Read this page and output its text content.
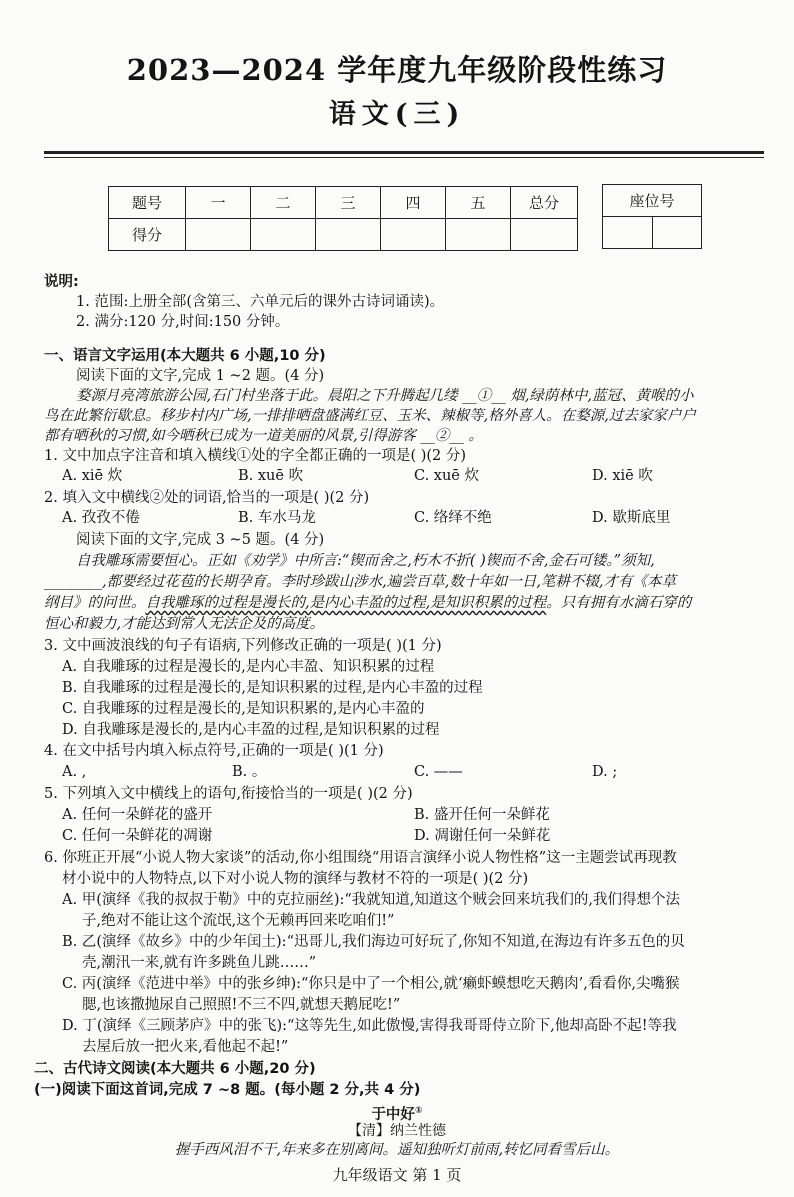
2023—2024 学年度九年级阶段性练习
语文(三)
题号	一	二	三	四	五	总分
得分						
座位号

说明:
1. 范围:上册全部(含第三、六单元后的课外古诗词诵读)。
2. 满分:120 分,时间:150 分钟。
一、语言文字运用(本大题共 6 小题,10 分)
阅读下面的文字,完成 1 ~2 题。(4 分)
婺源月亮湾旅游公园,石门村坐落于此。晨阳之下升腾起几缕 __①__ 烟,绿荫林中,蓝冠、黄喉的小
鸟在此繁衍歇息。移步村内广场,一排排晒盘盛满红豆、玉米、辣椒等,格外喜人。在婺源,过去家家户户
都有晒秋的习惯,如今晒秋已成为一道美丽的风景,引得游客 __②__ 。
1. 文中加点字注音和填入横线①处的字全都正确的一项是( )(2 分)
A. xiē 炊	B. xuē 吹	C. xuē 炊	D. xiē 吹
2. 填入文中横线②处的词语,恰当的一项是( )(2 分)
A. 孜孜不倦	B. 车水马龙	C. 络绎不绝	D. 歇斯底里
阅读下面的文字,完成 3 ~5 题。(4 分)
自我雕琢需要恒心。正如《劝学》中所言:“锲而舍之,朽木不折( )锲而不舍,金石可镂。”须知,
________,都要经过花苞的长期孕育。李时珍跋山涉水,遍尝百草,数十年如一日,笔耕不辍,才有《本草
纲目》的问世。自我雕琢的过程是漫长的,是内心丰盈的过程,是知识积累的过程。只有拥有水滴石穿的
恒心和毅力,才能达到常人无法企及的高度。
3. 文中画波浪线的句子有语病,下列修改正确的一项是( )(1 分)
A. 自我雕琢的过程是漫长的,是内心丰盈、知识积累的过程
B. 自我雕琢的过程是漫长的,是知识积累的过程,是内心丰盈的过程
C. 自我雕琢的过程是漫长的,是知识积累的,是内心丰盈的
D. 自我雕琢是漫长的,是内心丰盈的过程,是知识积累的过程
4. 在文中括号内填入标点符号,正确的一项是( )(1 分)
A. ,	B. 。	C. ——	D. ;
5. 下列填入文中横线上的语句,衔接恰当的一项是( )(2 分)
A. 任何一朵鲜花的盛开	B. 盛开任何一朵鲜花
C. 任何一朵鲜花的凋谢	D. 凋谢任何一朵鲜花
6. 你班正开展“小说人物大家谈”的活动,你小组围绕“用语言演绎小说人物性格”这一主题尝试再现教
材小说中的人物特点,以下对小说人物的演绎与教材不符的一项是( )(2 分)
A. 甲(演绎《我的叔叔于勒》中的克拉丽丝):“我就知道,知道这个贼会回来坑我们的,我们得想个法
子,绝对不能让这个流氓,这个无赖再回来吃咱们!”
B. 乙(演绎《故乡》中的少年闰土):“迅哥儿,我们海边可好玩了,你知不知道,在海边有许多五色的贝
壳,潮汛一来,就有许多跳鱼儿跳……”
C. 丙(演绎《范进中举》中的张乡绅):“你只是中了一个相公,就‘癞虾蟆想吃天鹅肉’,看看你,尖嘴猴
腮,也该撒抛尿自己照照!不三不四,就想天鹅屁吃!”
D. 丁(演绎《三顾茅庐》中的张飞):“这等先生,如此傲慢,害得我哥哥侍立阶下,他却高卧不起!等我
去屋后放一把火来,看他起不起!”
二、古代诗文阅读(本大题共 6 小题,20 分)
(一)阅读下面这首词,完成 7 ~8 题。(每小题 2 分,共 4 分)
于中好①
【清】纳兰性德
握手西风泪不干,年来多在别离间。遥知独听灯前雨,转忆同看雪后山。
九年级语文 第 1 页
